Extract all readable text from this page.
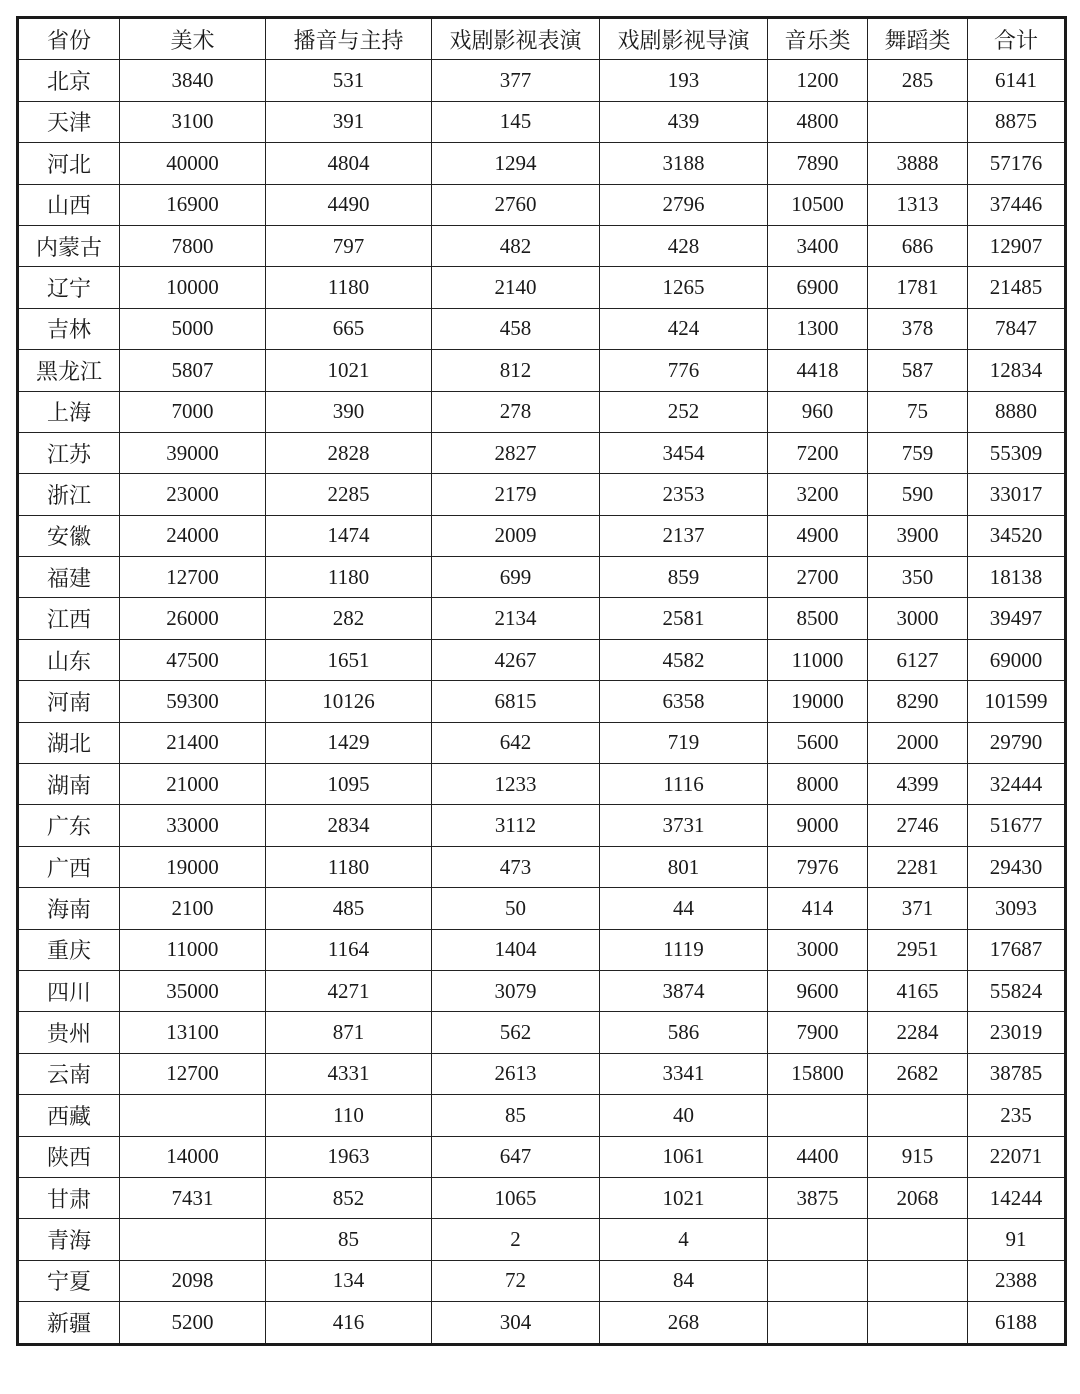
省份	美术	播音与主持	戏剧影视表演	戏剧影视导演	音乐类	舞蹈类	合计
北京	3840	531	377	193	1200	285	6141
天津	3100	391	145	439	4800		8875
河北	40000	4804	1294	3188	7890	3888	57176
山西	16900	4490	2760	2796	10500	1313	37446
内蒙古	7800	797	482	428	3400	686	12907
辽宁	10000	1180	2140	1265	6900	1781	21485
吉林	5000	665	458	424	1300	378	7847
黑龙江	5807	1021	812	776	4418	587	12834
上海	7000	390	278	252	960	75	8880
江苏	39000	2828	2827	3454	7200	759	55309
浙江	23000	2285	2179	2353	3200	590	33017
安徽	24000	1474	2009	2137	4900	3900	34520
福建	12700	1180	699	859	2700	350	18138
江西	26000	282	2134	2581	8500	3000	39497
山东	47500	1651	4267	4582	11000	6127	69000
河南	59300	10126	6815	6358	19000	8290	101599
湖北	21400	1429	642	719	5600	2000	29790
湖南	21000	1095	1233	1116	8000	4399	32444
广东	33000	2834	3112	3731	9000	2746	51677
广西	19000	1180	473	801	7976	2281	29430
海南	2100	485	50	44	414	371	3093
重庆	11000	1164	1404	1119	3000	2951	17687
四川	35000	4271	3079	3874	9600	4165	55824
贵州	13100	871	562	586	7900	2284	23019
云南	12700	4331	2613	3341	15800	2682	38785
西藏		110	85	40			235
陕西	14000	1963	647	1061	4400	915	22071
甘肃	7431	852	1065	1021	3875	2068	14244
青海		85	2	4			91
宁夏	2098	134	72	84			2388
新疆	5200	416	304	268			6188
